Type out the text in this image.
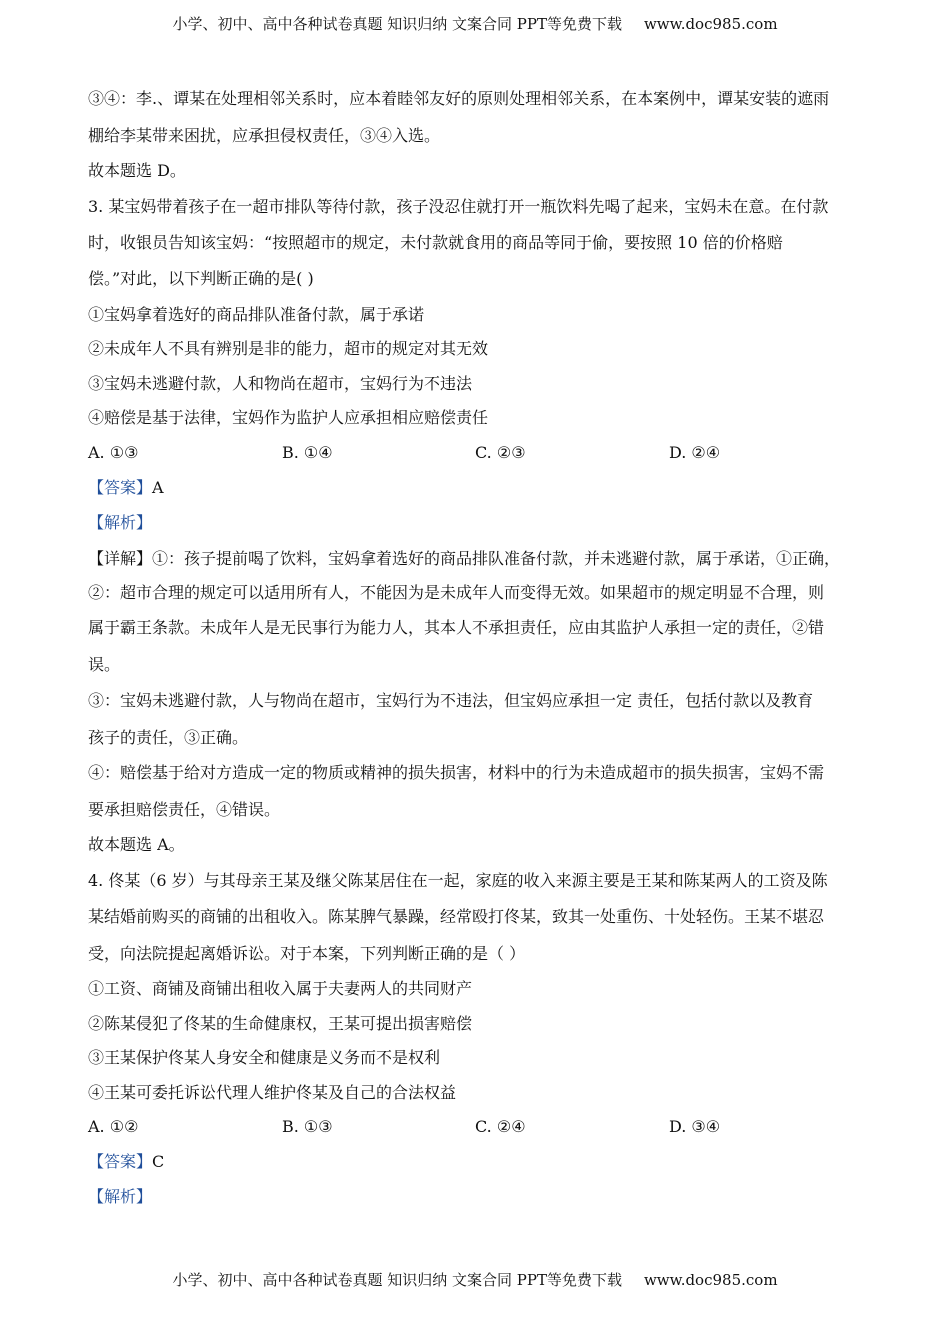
小学、初中、高中各种试卷真题 知识归纳 文案合同 PPT等免费下载 www.doc985.com
③④：李.、谭某在处理相邻关系时，应本着睦邻友好的原则处理相邻关系，在本案例中，谭某安装的遮雨
棚给李某带来困扰，应承担侵权责任，③④入选。
故本题选 D。
3. 某宝妈带着孩子在一超市排队等待付款，孩子没忍住就打开一瓶饮料先喝了起来，宝妈未在意。在付款
时，收银员告知该宝妈：“按照超市的规定，未付款就食用的商品等同于偷，要按照 10 倍的价格赔
偿。”对此，以下判断正确的是( )
①宝妈拿着选好的商品排队准备付款，属于承诺
②未成年人不具有辨别是非的能力，超市的规定对其无效
③宝妈未逃避付款，人和物尚在超市，宝妈行为不违法
④赔偿是基于法律，宝妈作为监护人应承担相应赔偿责任
A. ①③	B. ①④	C. ②③	D. ②④
【答案】A
【解析】
【详解】①：孩子提前喝了饮料，宝妈拿着选好的商品排队准备付款，并未逃避付款，属于承诺，①正确，
②：超市合理的规定可以适用所有人，不能因为是未成年人而变得无效。如果超市的规定明显不合理，则
属于霸王条款。未成年人是无民事行为能力人，其本人不承担责任，应由其监护人承担一定的责任，②错
误。
③：宝妈未逃避付款，人与物尚在超市，宝妈行为不违法，但宝妈应承担一定 责任，包括付款以及教育
孩子的责任，③正确。
④：赔偿基于给对方造成一定的物质或精神的损失损害，材料中的行为未造成超市的损失损害，宝妈不需
要承担赔偿责任，④错误。
故本题选 A。
4. 佟某（6 岁）与其母亲王某及继父陈某居住在一起，家庭的收入来源主要是王某和陈某两人的工资及陈
某结婚前购买的商铺的出租收入。陈某脾气暴躁，经常殴打佟某，致其一处重伤、十处轻伤。王某不堪忍
受，向法院提起离婚诉讼。对于本案，下列判断正确的是（ ）
①工资、商铺及商铺出租收入属于夫妻两人的共同财产
②陈某侵犯了佟某的生命健康权，王某可提出损害赔偿
③王某保护佟某人身安全和健康是义务而不是权利
④王某可委托诉讼代理人维护佟某及自己的合法权益
A. ①②	B. ①③	C. ②④	D. ③④
【答案】C
【解析】
小学、初中、高中各种试卷真题 知识归纳 文案合同 PPT等免费下载 www.doc985.com
